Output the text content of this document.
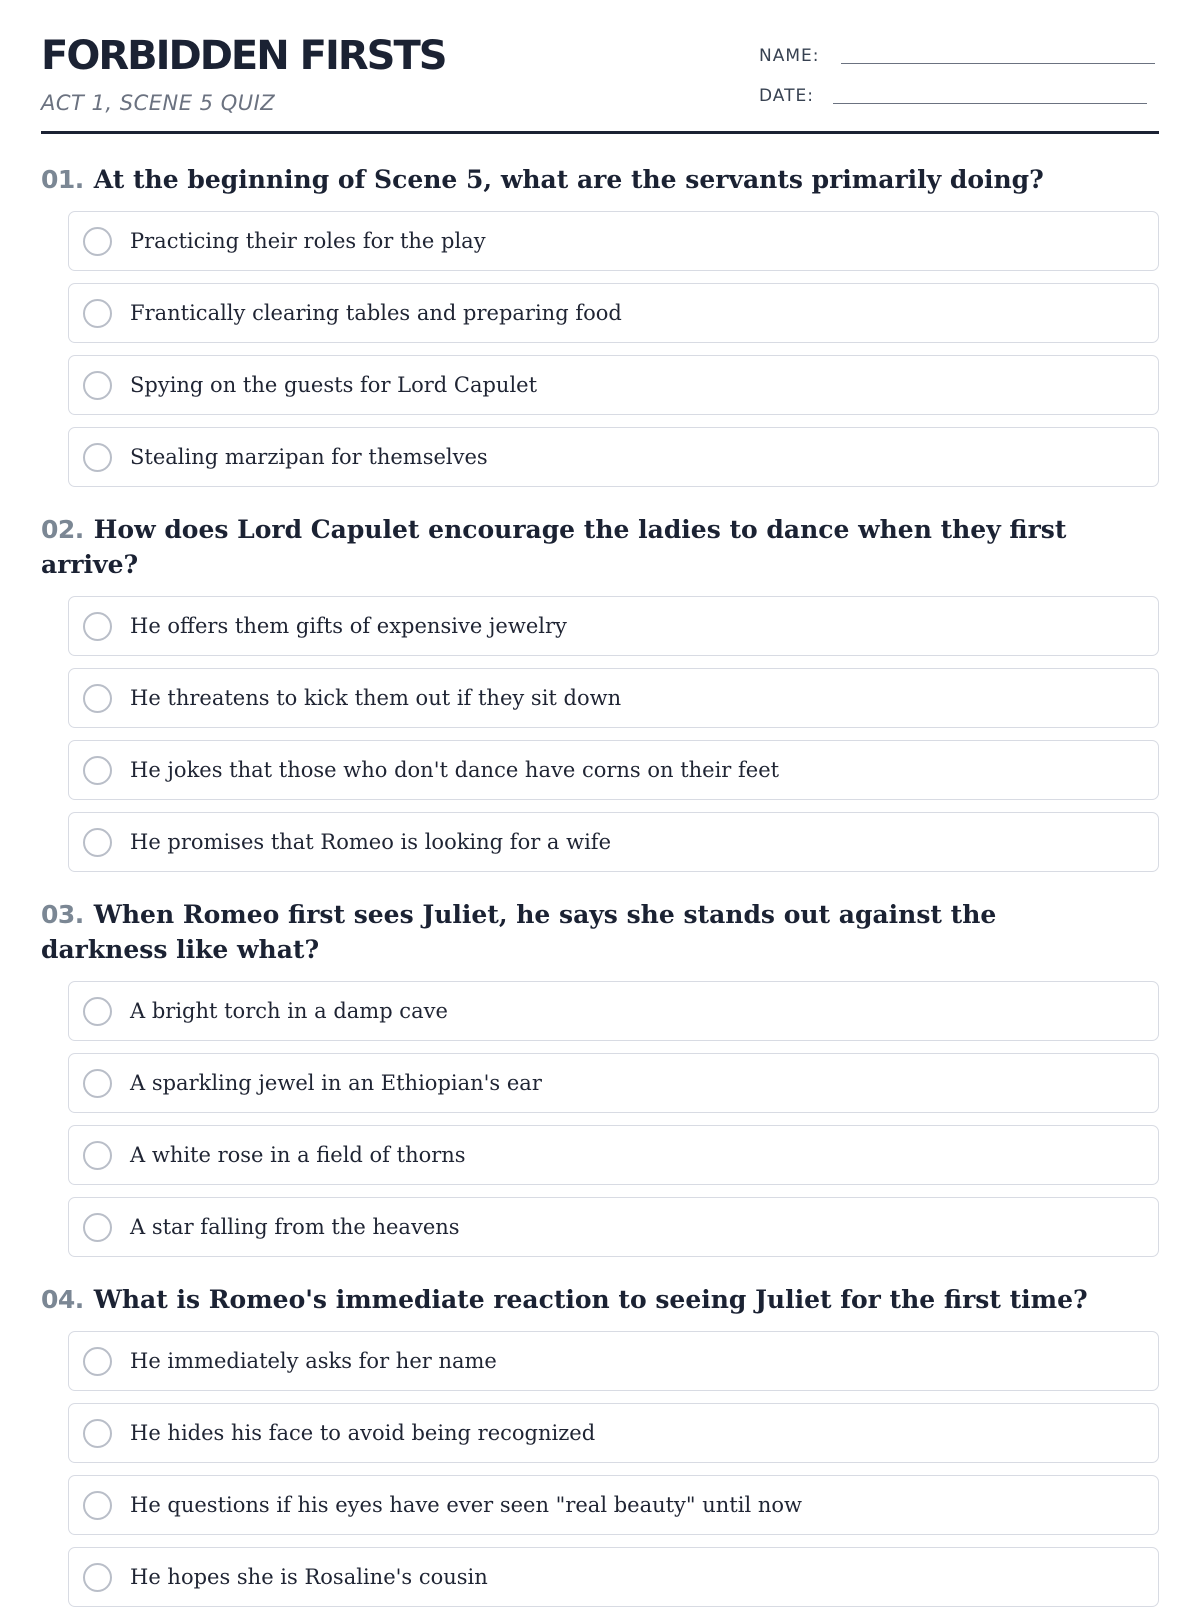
FORBIDDEN FIRSTS
ACT 1, SCENE 5 QUIZ
NAME:
DATE:
01. At the beginning of Scene 5, what are the servants primarily doing?
Practicing their roles for the play
Frantically clearing tables and preparing food
Spying on the guests for Lord Capulet
Stealing marzipan for themselves
02. How does Lord Capulet encourage the ladies to dance when they first arrive?
He offers them gifts of expensive jewelry
He threatens to kick them out if they sit down
He jokes that those who don't dance have corns on their feet
He promises that Romeo is looking for a wife
03. When Romeo first sees Juliet, he says she stands out against the darkness like what?
A bright torch in a damp cave
A sparkling jewel in an Ethiopian's ear
A white rose in a field of thorns
A star falling from the heavens
04. What is Romeo's immediate reaction to seeing Juliet for the first time?
He immediately asks for her name
He hides his face to avoid being recognized
He questions if his eyes have ever seen "real beauty" until now
He hopes she is Rosaline's cousin
